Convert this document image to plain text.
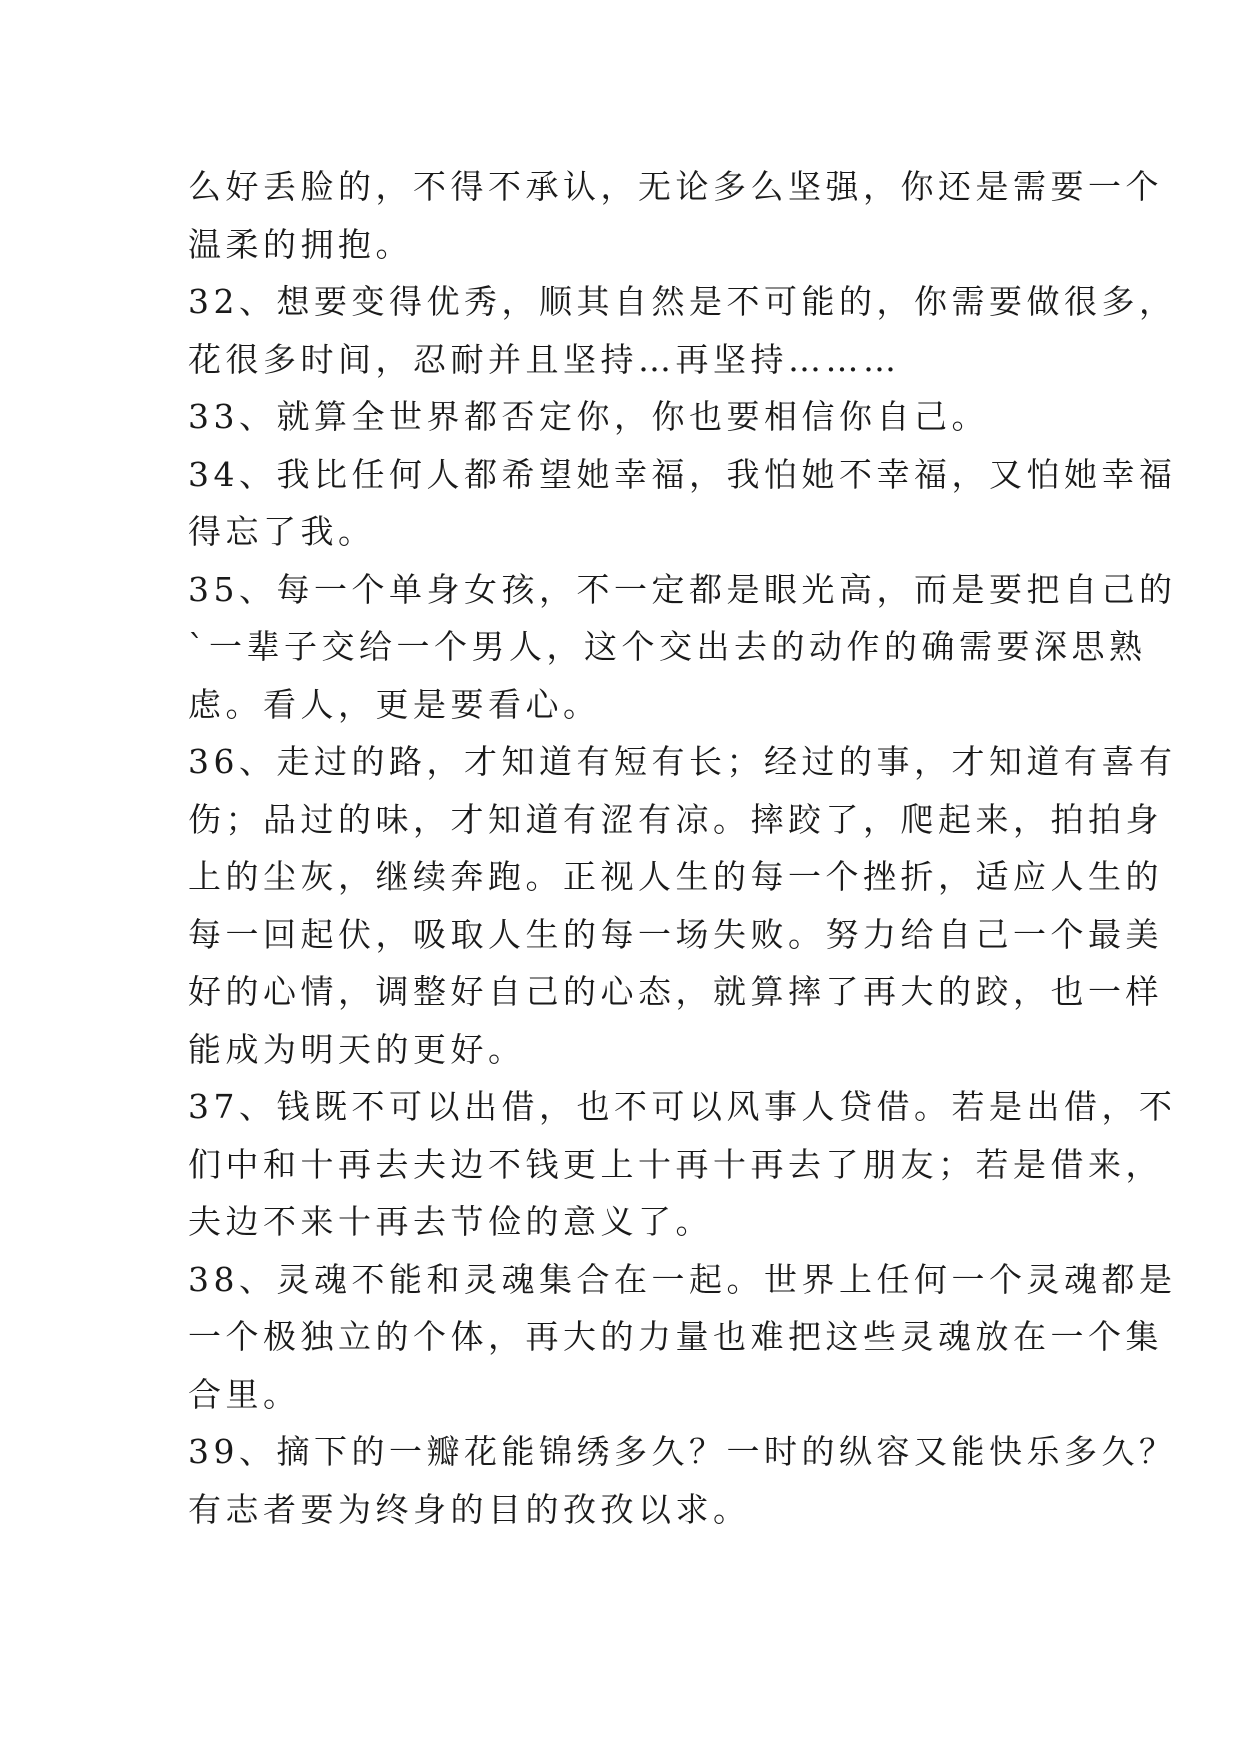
么好丢脸的，不得不承认，无论多么坚强，你还是需要一个
温柔的拥抱。
32、想要变得优秀，顺其自然是不可能的，你需要做很多，
花很多时间，忍耐并且坚持…再坚持………
33、就算全世界都否定你，你也要相信你自己。
34、我比任何人都希望她幸福，我怕她不幸福，又怕她幸福
得忘了我。
35、每一个单身女孩，不一定都是眼光高，而是要把自己的
`一辈子交给一个男人，这个交出去的动作的确需要深思熟
虑。看人，更是要看心。
36、走过的路，才知道有短有长；经过的事，才知道有喜有
伤；品过的味，才知道有涩有凉。摔跤了，爬起来，拍拍身
上的尘灰，继续奔跑。正视人生的每一个挫折，适应人生的
每一回起伏，吸取人生的每一场失败。努力给自己一个最美
好的心情，调整好自己的心态，就算摔了再大的跤，也一样
能成为明天的更好。
37、钱既不可以出借，也不可以风事人贷借。若是出借，不
们中和十再去夫边不钱更上十再十再去了朋友；若是借来，
夫边不来十再去节俭的意义了。
38、灵魂不能和灵魂集合在一起。世界上任何一个灵魂都是
一个极独立的个体，再大的力量也难把这些灵魂放在一个集
合里。
39、摘下的一瓣花能锦绣多久？一时的纵容又能快乐多久？
有志者要为终身的目的孜孜以求。
